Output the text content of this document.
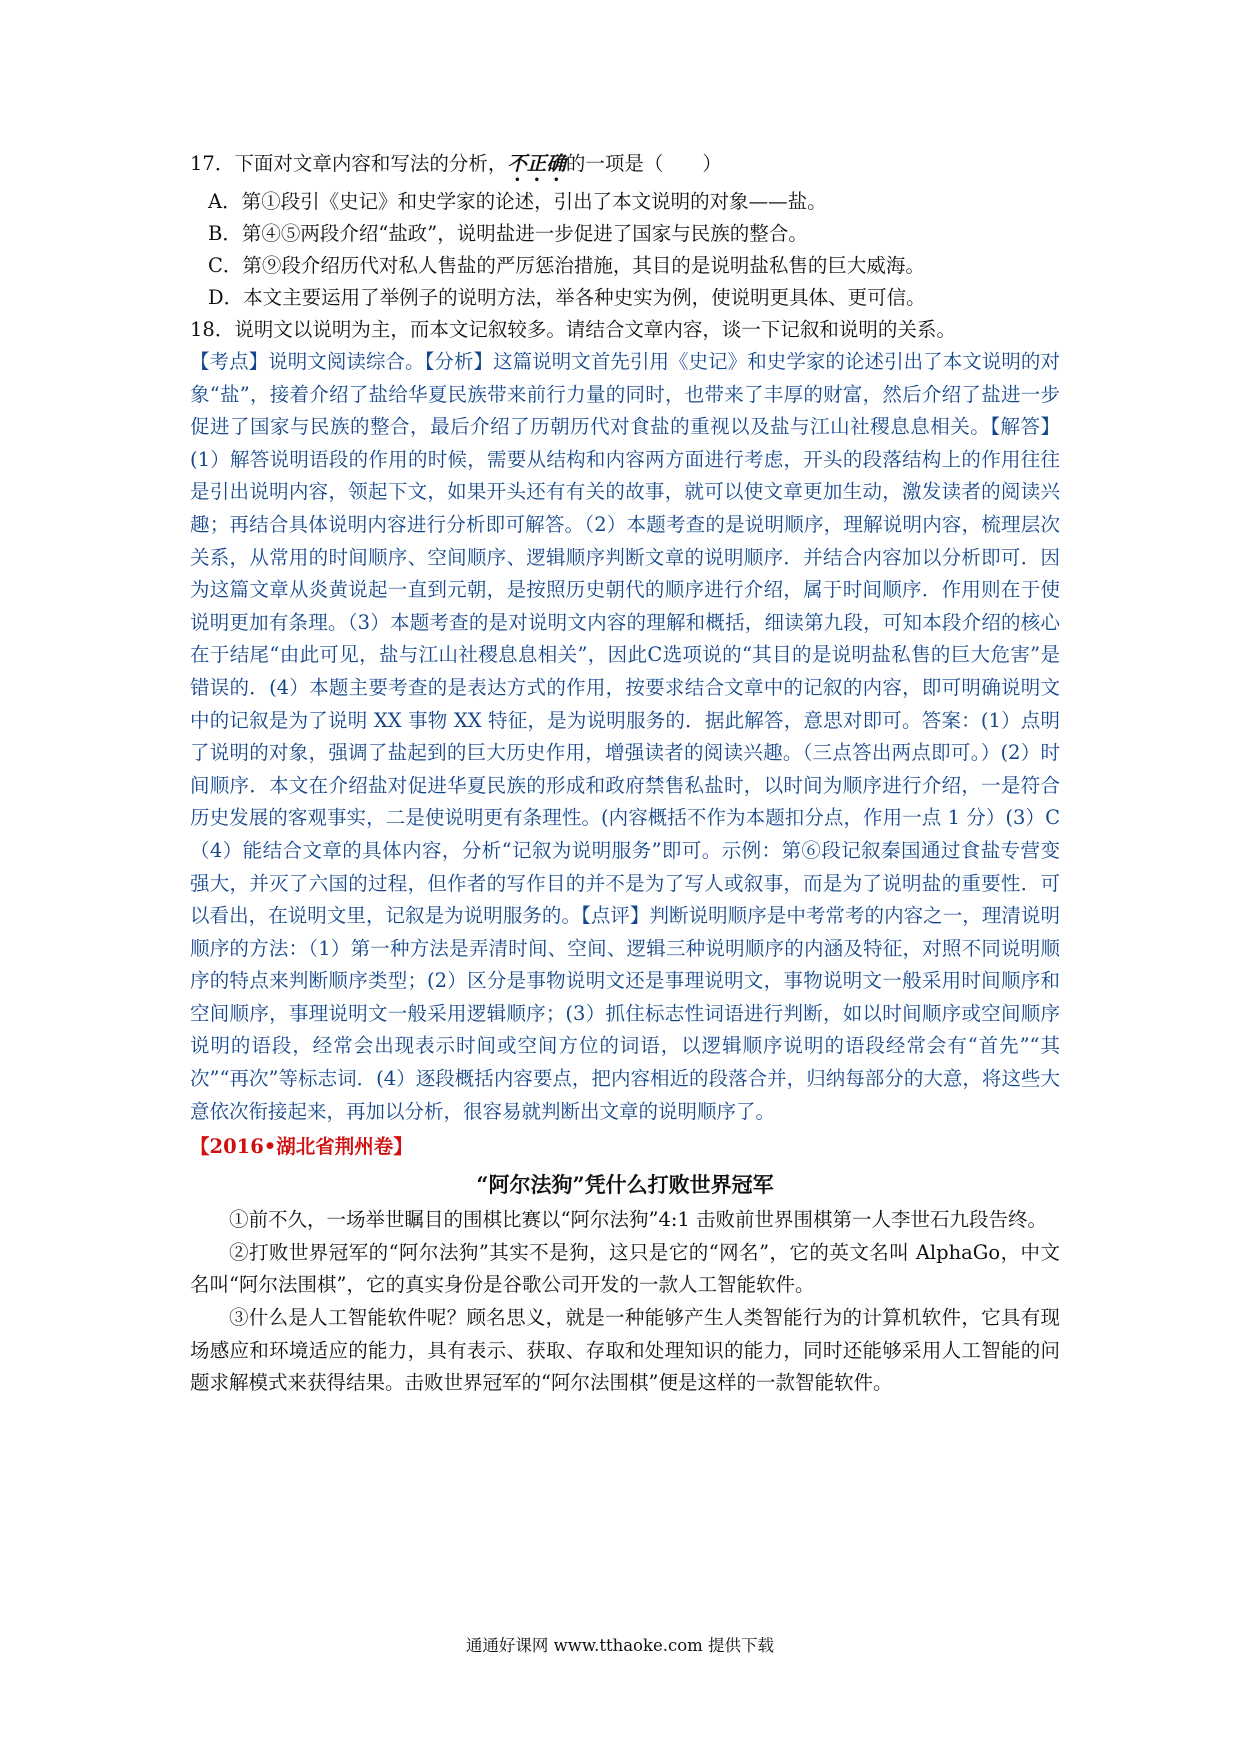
17．下面对文章内容和写法的分析，不正确的一项是（　　）
A．第①段引《史记》和史学家的论述，引出了本文说明的对象——盐。
B．第④⑤两段介绍“盐政”，说明盐进一步促进了国家与民族的整合。
C．第⑨段介绍历代对私人售盐的严厉惩治措施，其目的是说明盐私售的巨大威海。
D．本文主要运用了举例子的说明方法，举各种史实为例，使说明更具体、更可信。
18．说明文以说明为主，而本文记叙较多。请结合文章内容，谈一下记叙和说明的关系。

【考点】说明文阅读综合。【分析】这篇说明文首先引用《史记》和史学家的论述引出了本文说明的对象“盐”，接着介绍了盐给华夏民族带来前行力量的同时，也带来了丰厚的财富，然后介绍了盐进一步促进了国家与民族的整合，最后介绍了历朝历代对食盐的重视以及盐与江山社稷息息相关。【解答】(1）解答说明语段的作用的时候，需要从结构和内容两方面进行考虑，开头的段落结构上的作用往往是引出说明内容，领起下文，如果开头还有有关的故事，就可以使文章更加生动，激发读者的阅读兴趣；再结合具体说明内容进行分析即可解答。（2）本题考查的是说明顺序，理解说明内容，梳理层次关系，从常用的时间顺序、空间顺序、逻辑顺序判断文章的说明顺序．并结合内容加以分析即可．因为这篇文章从炎黄说起一直到元朝，是按照历史朝代的顺序进行介绍，属于时间顺序．作用则在于使说明更加有条理。（3）本题考查的是对说明文内容的理解和概括，细读第九段，可知本段介绍的核心在于结尾“由此可见，盐与江山社稷息息相关”，因此C选项说的“其目的是说明盐私售的巨大危害”是错误的．(4）本题主要考查的是表达方式的作用，按要求结合文章中的记叙的内容，即可明确说明文中的记叙是为了说明 XX 事物 XX 特征，是为说明服务的．据此解答，意思对即可。答案：(1）点明了说明的对象，强调了盐起到的巨大历史作用，增强读者的阅读兴趣。（三点答出两点即可。）(2）时间顺序．本文在介绍盐对促进华夏民族的形成和政府禁售私盐时，以时间为顺序进行介绍，一是符合历史发展的客观事实，二是使说明更有条理性。(内容概括不作为本题扣分点，作用一点 1 分）(3）C（4）能结合文章的具体内容，分析“记叙为说明服务”即可。示例：第⑥段记叙秦国通过食盐专营变强大，并灭了六国的过程，但作者的写作目的并不是为了写人或叙事，而是为了说明盐的重要性．可以看出，在说明文里，记叙是为说明服务的。【点评】判断说明顺序是中考常考的内容之一，理清说明顺序的方法：（1）第一种方法是弄清时间、空间、逻辑三种说明顺序的内涵及特征，对照不同说明顺序的特点来判断顺序类型；(2）区分是事物说明文还是事理说明文，事物说明文一般采用时间顺序和空间顺序，事理说明文一般采用逻辑顺序；(3）抓住标志性词语进行判断，如以时间顺序或空间顺序说明的语段，经常会出现表示时间或空间方位的词语，以逻辑顺序说明的语段经常会有“首先”“其次”“再次”等标志词．(4）逐段概括内容要点，把内容相近的段落合并，归纳每部分的大意，将这些大意依次衔接起来，再加以分析，很容易就判断出文章的说明顺序了。

【2016•湖北省荆州卷】
“阿尔法狗”凭什么打败世界冠军

①前不久，一场举世瞩目的围棋比赛以“阿尔法狗”4:1 击败前世界围棋第一人李世石九段告终。

②打败世界冠军的“阿尔法狗”其实不是狗，这只是它的“网名”，它的英文名叫 AlphaGo，中文名叫“阿尔法围棋”，它的真实身份是谷歌公司开发的一款人工智能软件。

③什么是人工智能软件呢？顾名思义，就是一种能够产生人类智能行为的计算机软件，它具有现场感应和环境适应的能力，具有表示、获取、存取和处理知识的能力，同时还能够采用人工智能的问题求解模式来获得结果。击败世界冠军的“阿尔法围棋”便是这样的一款智能软件。

通通好课网 www.tthaoke.com 提供下载
